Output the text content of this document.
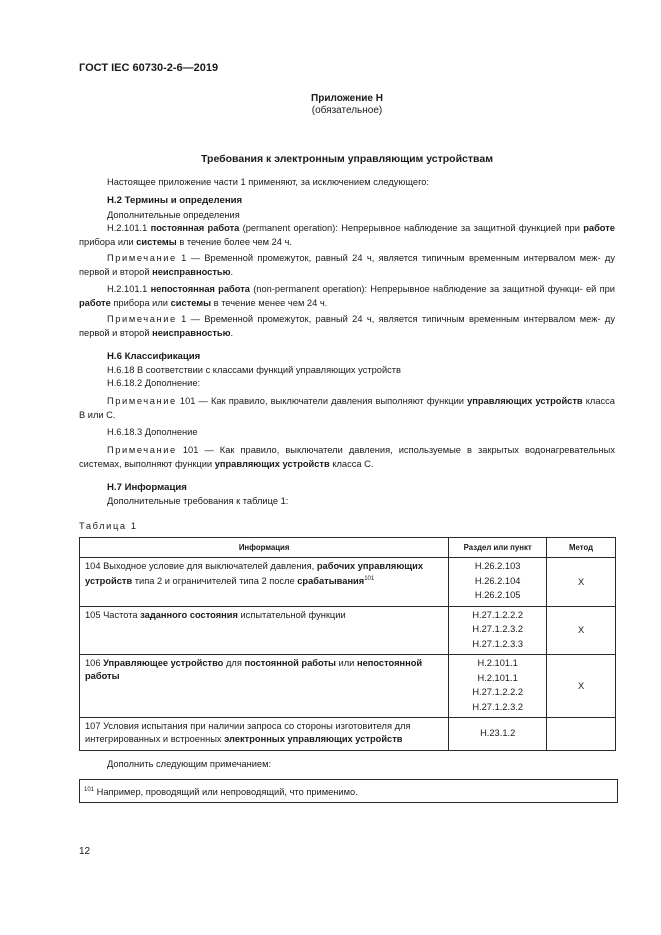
ГОСТ IEC 60730-2-6—2019
Приложение Н
(обязательное)
Требования к электронным управляющим устройствам

Настоящее приложение части 1 применяют, за исключением следующего:

Н.2 Термины и определения

Дополнительные определения

Н.2.101.1 постоянная работа (permanent operation): Непрерывное наблюдение за защитной функцией при работе прибора или системы в течение более чем 24 ч.

Примечание 1 — Временной промежуток, равный 24 ч, является типичным временным интервалом меж- ду первой и второй неисправностью.

Н.2.101.1 непостоянная работа (non-permanent operation): Непрерывное наблюдение за защитной функци- ей при работе прибора или системы в течение менее чем 24 ч.

Примечание 1 — Временной промежуток, равный 24 ч, является типичным временным интервалом меж- ду первой и второй неисправностью.

Н.6 Классификация

Н.6.18 В соответствии с классами функций управляющих устройств

Н.6.18.2 Дополнение:

Примечание 101 — Как правило, выключатели давления выполняют функции управляющих устройств класса В или С.

Н.6.18.3 Дополнение

Примечание 101 — Как правило, выключатели давления, используемые в закрытых водонагревательных системах, выполняют функции управляющих устройств класса С.

Н.7 Информация

Дополнительные требования к таблице 1:

Таблица 1
Информация	Раздел или пункт	Метод
104 Выходное условие для выключателей давления, рабочих управляющих устройств типа 2 и ограничителей типа 2 после срабатывания$^{101}$	Н.26.2.103
Н.26.2.104
Н.26.2.105	X
105 Частота заданного состояния испытательной функции	Н.27.1.2.2.2
Н.27.1.2.3.2
Н.27.1.2.3.3	X
106 Управляющее устройство для постоянной работы или непостоянной работы	Н.2.101.1
Н.2.101.1
Н.27.1.2.2.2
Н.27.1.2.3.2	X
107 Условия испытания при наличии запроса со стороны изготовителя для интегрированных и встроенных электронных управляющих устройств	Н.23.1.2	

Дополнить следующим примечанием:

$^{101}$ Например, проводящий или непроводящий, что применимо.
12
